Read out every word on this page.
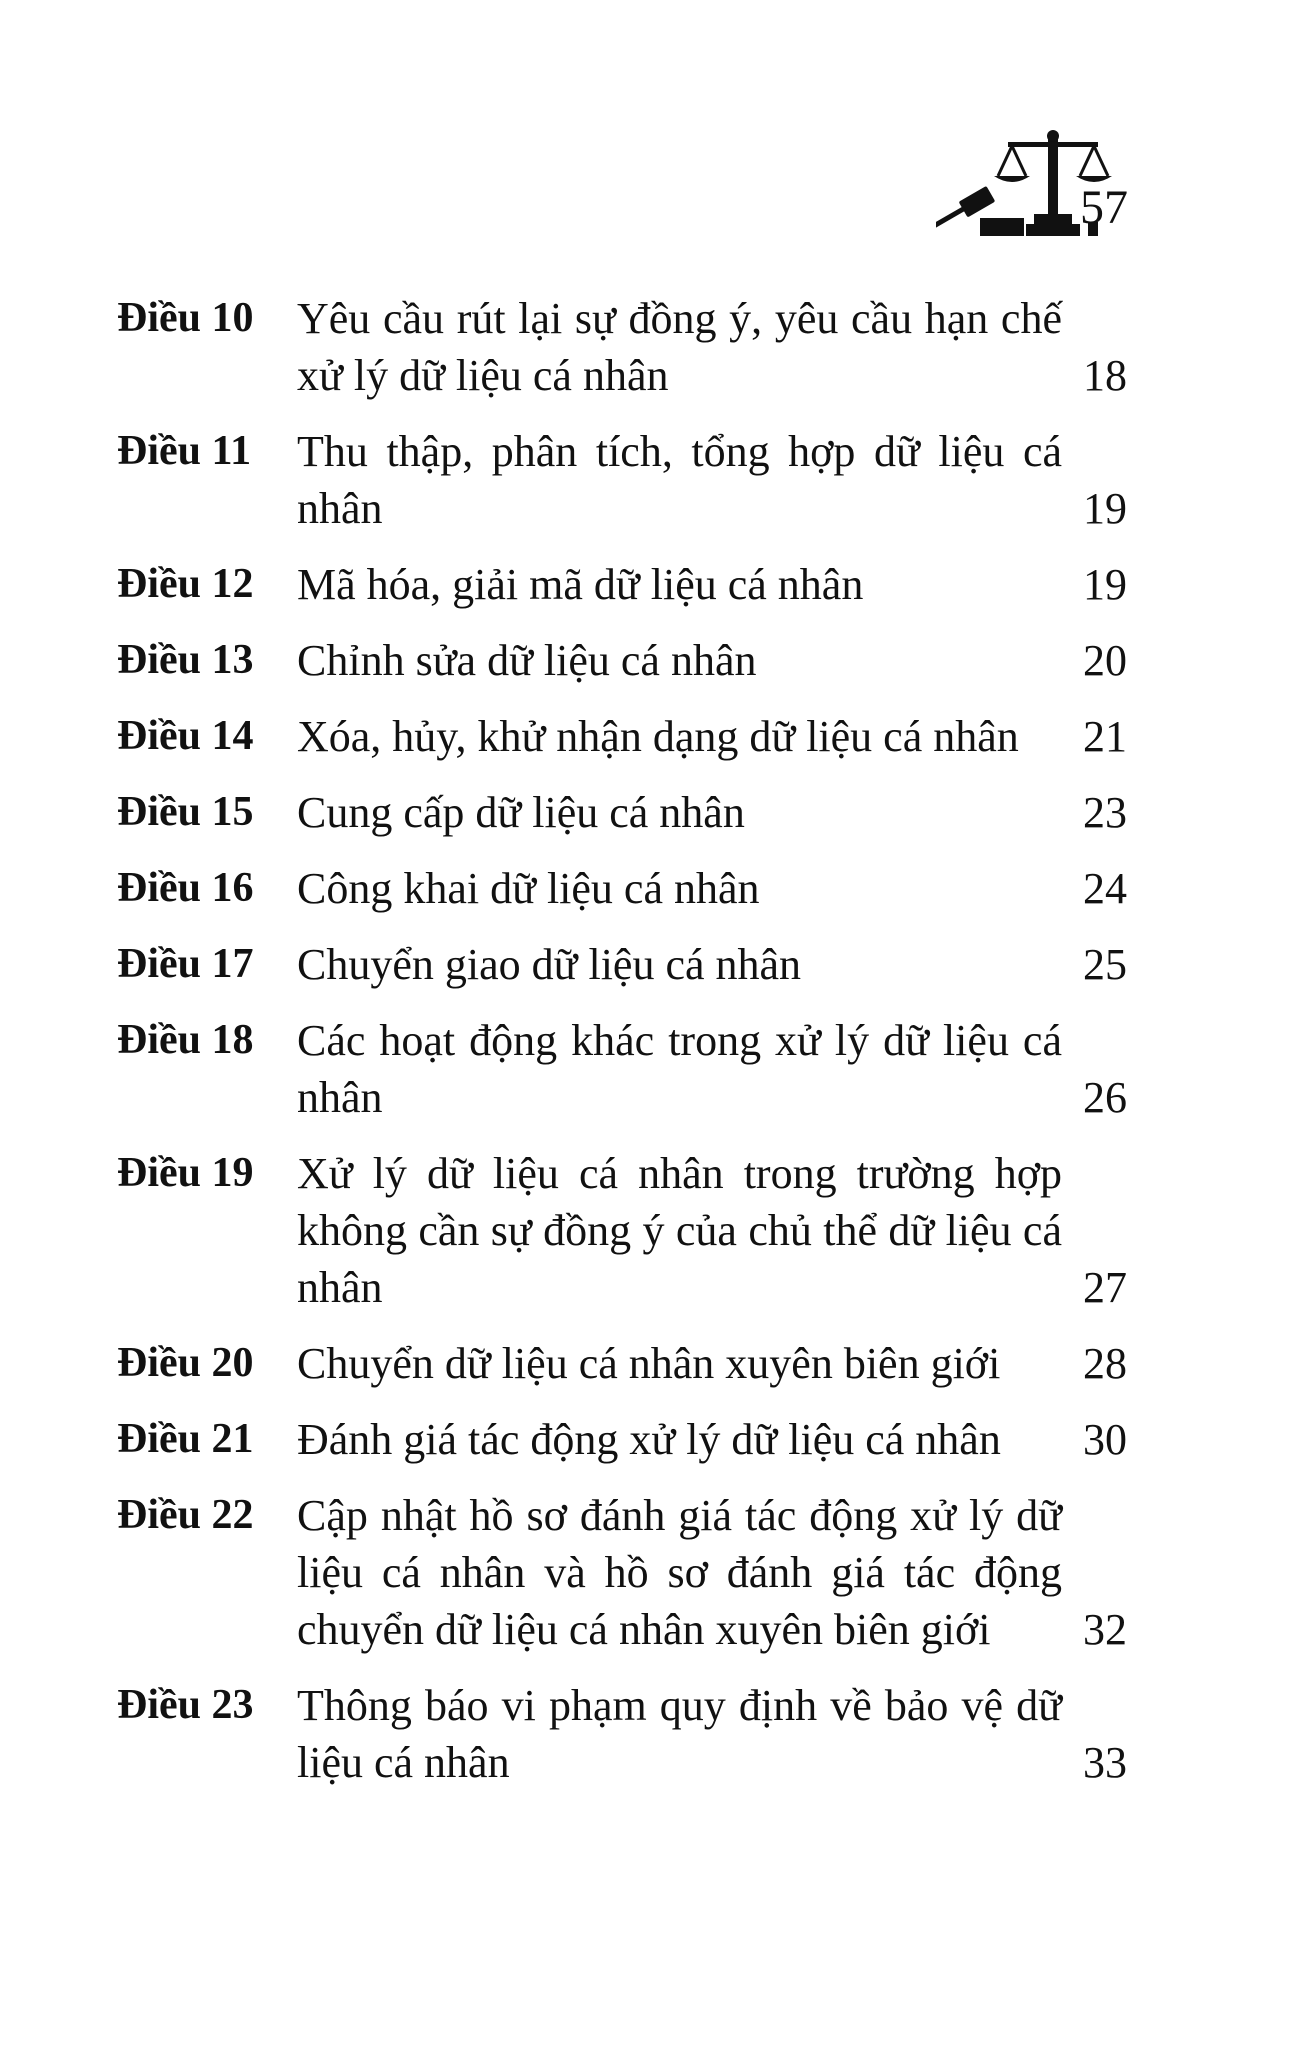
57
Điều 10 Yêu cầu rút lại sự đồng ý, yêu cầu hạn chế xử lý dữ liệu cá nhân	18
Điều 11	Thu thập, phân tích, tổng hợp dữ liệu cá nhân	19
Điều 12 Mã hóa, giải mã dữ liệu cá nhân	19
Điều 13 Chỉnh sửa dữ liệu cá nhân	20
Điều 14 Xóa, hủy, khử nhận dạng dữ liệu cá nhân	21
Điều 15 Cung cấp dữ liệu cá nhân	23
Điều 16 Công khai dữ liệu cá nhân	24
Điều 17 Chuyển giao dữ liệu cá nhân	25
Điều 18 Các hoạt động khác trong xử lý dữ liệu cá nhân	26
Điều 19 Xử lý dữ liệu cá nhân trong trường hợp không cần sự đồng ý của chủ thể dữ liệu cá nhân	27
Điều 20 Chuyển dữ liệu cá nhân xuyên biên giới	28
Điều 21 Đánh giá tác động xử lý dữ liệu cá nhân	30
Điều 22 Cập nhật hồ sơ đánh giá tác động xử lý dữ liệu cá nhân và hồ sơ đánh giá tác động chuyển dữ liệu cá nhân xuyên biên giới	32
Điều 23 Thông báo vi phạm quy định về bảo vệ dữ liệu cá nhân	33
